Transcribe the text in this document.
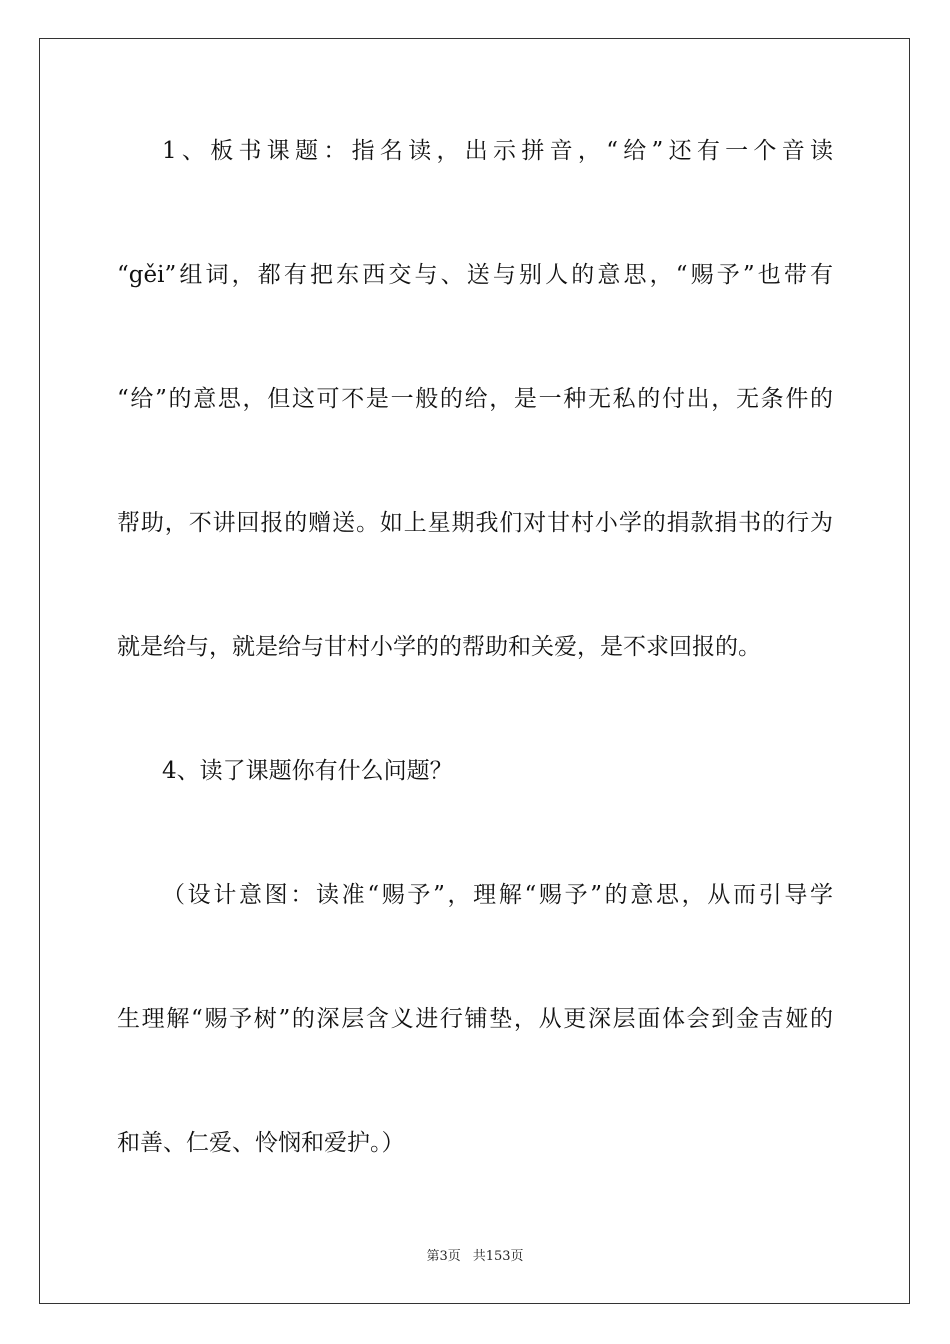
1、板书课题：指名读，出示拼音，“给”还有一个音读
“gěi”组词，都有把东西交与、送与别人的意思，“赐予”也带有
“给”的意思，但这可不是一般的给，是一种无私的付出，无条件的
帮助，不讲回报的赠送。如上星期我们对甘村小学的捐款捐书的行为
就是给与，就是给与甘村小学的的帮助和关爱，是不求回报的。
4、读了课题你有什么问题？
（设计意图：读准“赐予”，理解“赐予”的意思，从而引导学
生理解“赐予树”的深层含义进行铺垫，从更深层面体会到金吉娅的
和善、仁爱、怜悯和爱护。）
第3页 共153页
